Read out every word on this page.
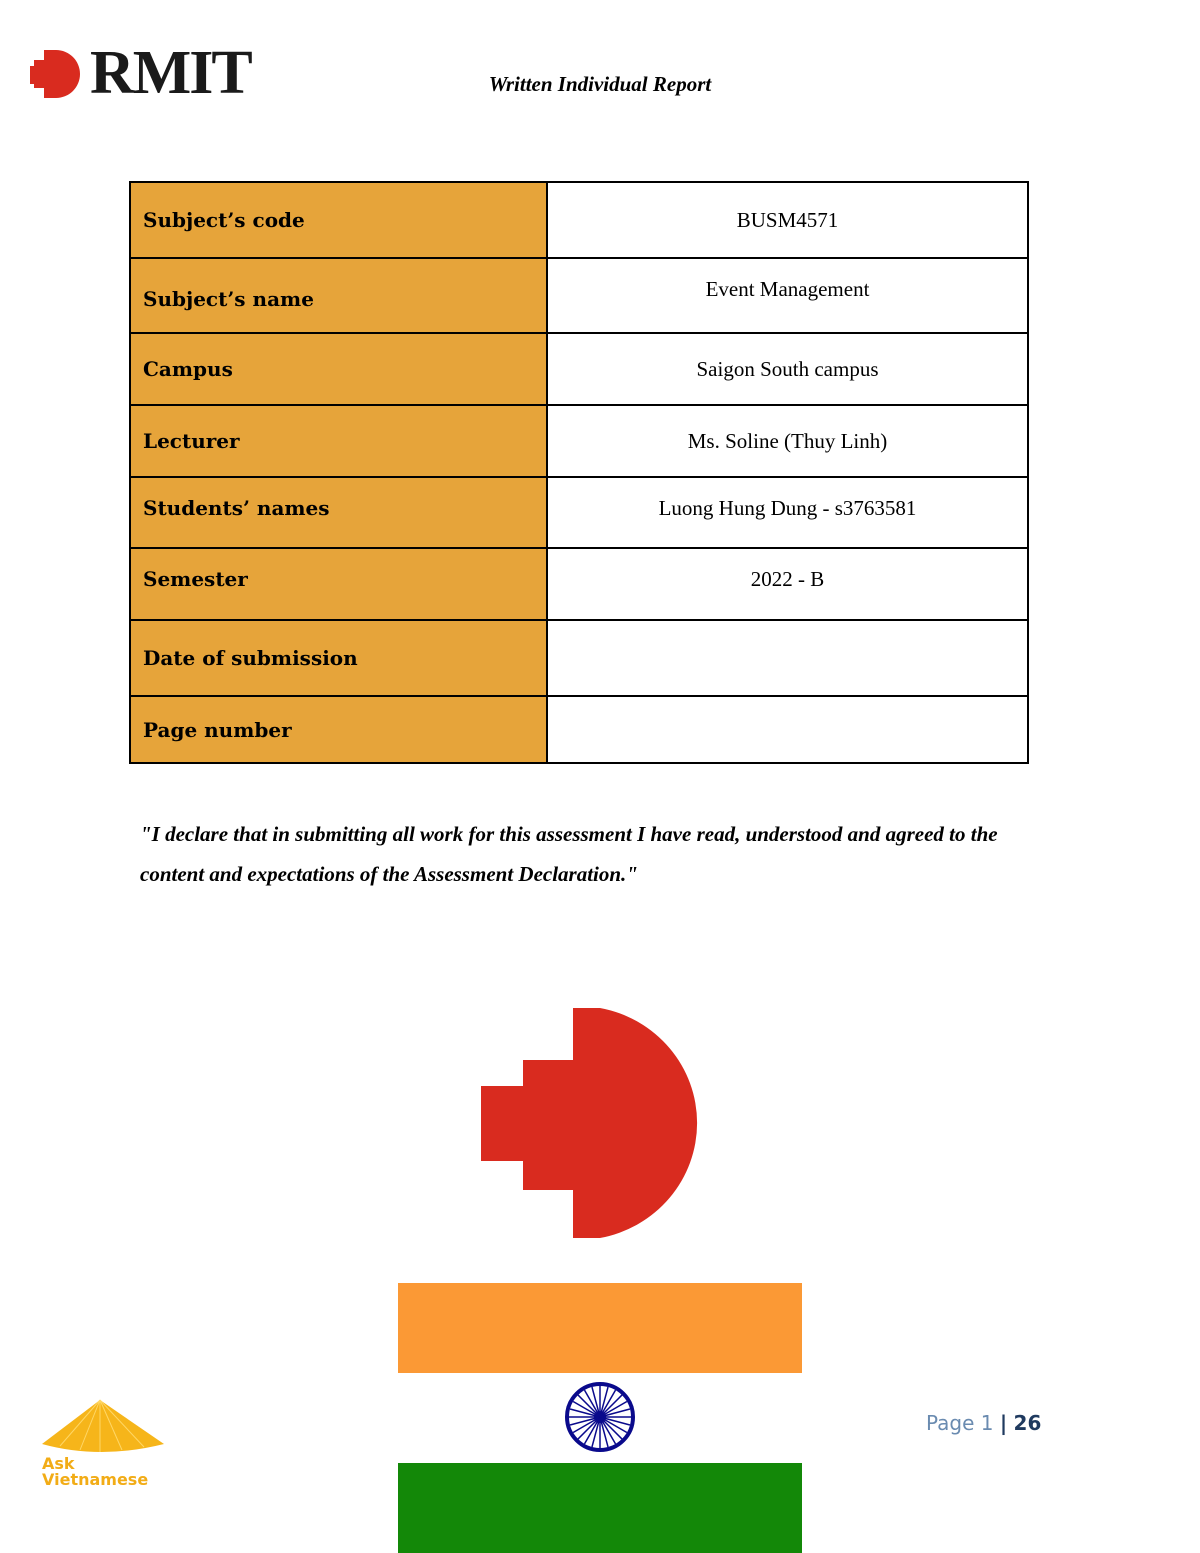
RMIT	Written Individual Report
Subject’s code	BUSM4571
Subject’s name	Event Management
Campus	Saigon South campus
Lecturer	Ms. Soline (Thuy Linh)
Students’ names	Luong Hung Dung - s3763581
Semester	2022 - B
Date of submission	
Page number	
"I declare that in submitting all work for this assessment I have read, understood and agreed to the content and expectations of the Assessment Declaration."
Ask
Vietnamese
Page 1 | 26
